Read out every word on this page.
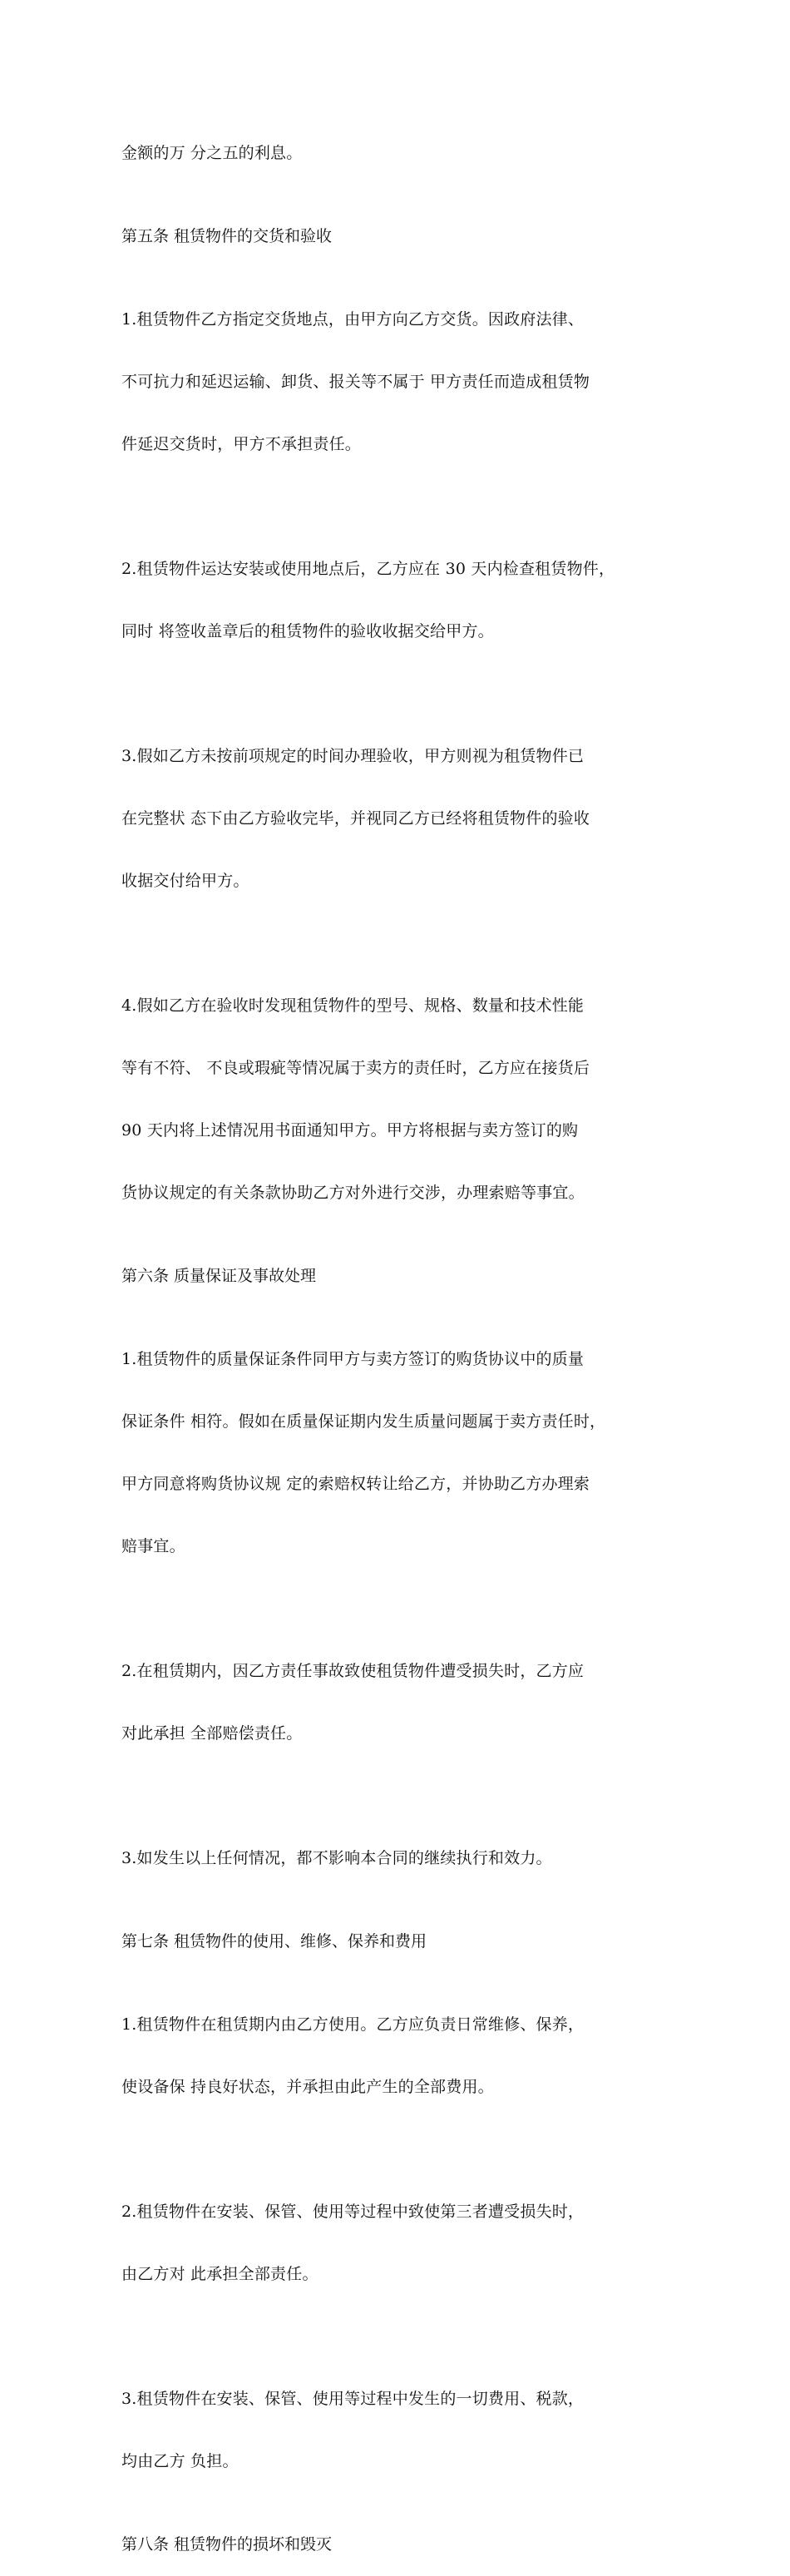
金额的万 分之五的利息。

第五条 租赁物件的交货和验收

1.租赁物件乙方指定交货地点，由甲方向乙方交货。因政府法律、

不可抗力和延迟运输、卸货、报关等不属于 甲方责任而造成租赁物

件延迟交货时，甲方不承担责任。

2.租赁物件运达安装或使用地点后，乙方应在 30 天内检查租赁物件，

同时 将签收盖章后的租赁物件的验收收据交给甲方。

3.假如乙方未按前项规定的时间办理验收，甲方则视为租赁物件已

在完整状 态下由乙方验收完毕，并视同乙方已经将租赁物件的验收

收据交付给甲方。

4.假如乙方在验收时发现租赁物件的型号、规格、数量和技术性能

等有不符、 不良或瑕疵等情况属于卖方的责任时，乙方应在接货后

90 天内将上述情况用书面通知甲方。甲方将根据与卖方签订的购

货协议规定的有关条款协助乙方对外进行交涉，办理索赔等事宜。

第六条 质量保证及事故处理

1.租赁物件的质量保证条件同甲方与卖方签订的购货协议中的质量

保证条件 相符。假如在质量保证期内发生质量问题属于卖方责任时，

甲方同意将购货协议规 定的索赔权转让给乙方，并协助乙方办理索

赔事宜。

2.在租赁期内，因乙方责任事故致使租赁物件遭受损失时，乙方应

对此承担 全部赔偿责任。

3.如发生以上任何情况，都不影响本合同的继续执行和效力。

第七条 租赁物件的使用、维修、保养和费用

1.租赁物件在租赁期内由乙方使用。乙方应负责日常维修、保养，

使设备保 持良好状态，并承担由此产生的全部费用。

2.租赁物件在安装、保管、使用等过程中致使第三者遭受损失时，

由乙方对 此承担全部责任。

3.租赁物件在安装、保管、使用等过程中发生的一切费用、税款，

均由乙方 负担。

第八条 租赁物件的损坏和毁灭
